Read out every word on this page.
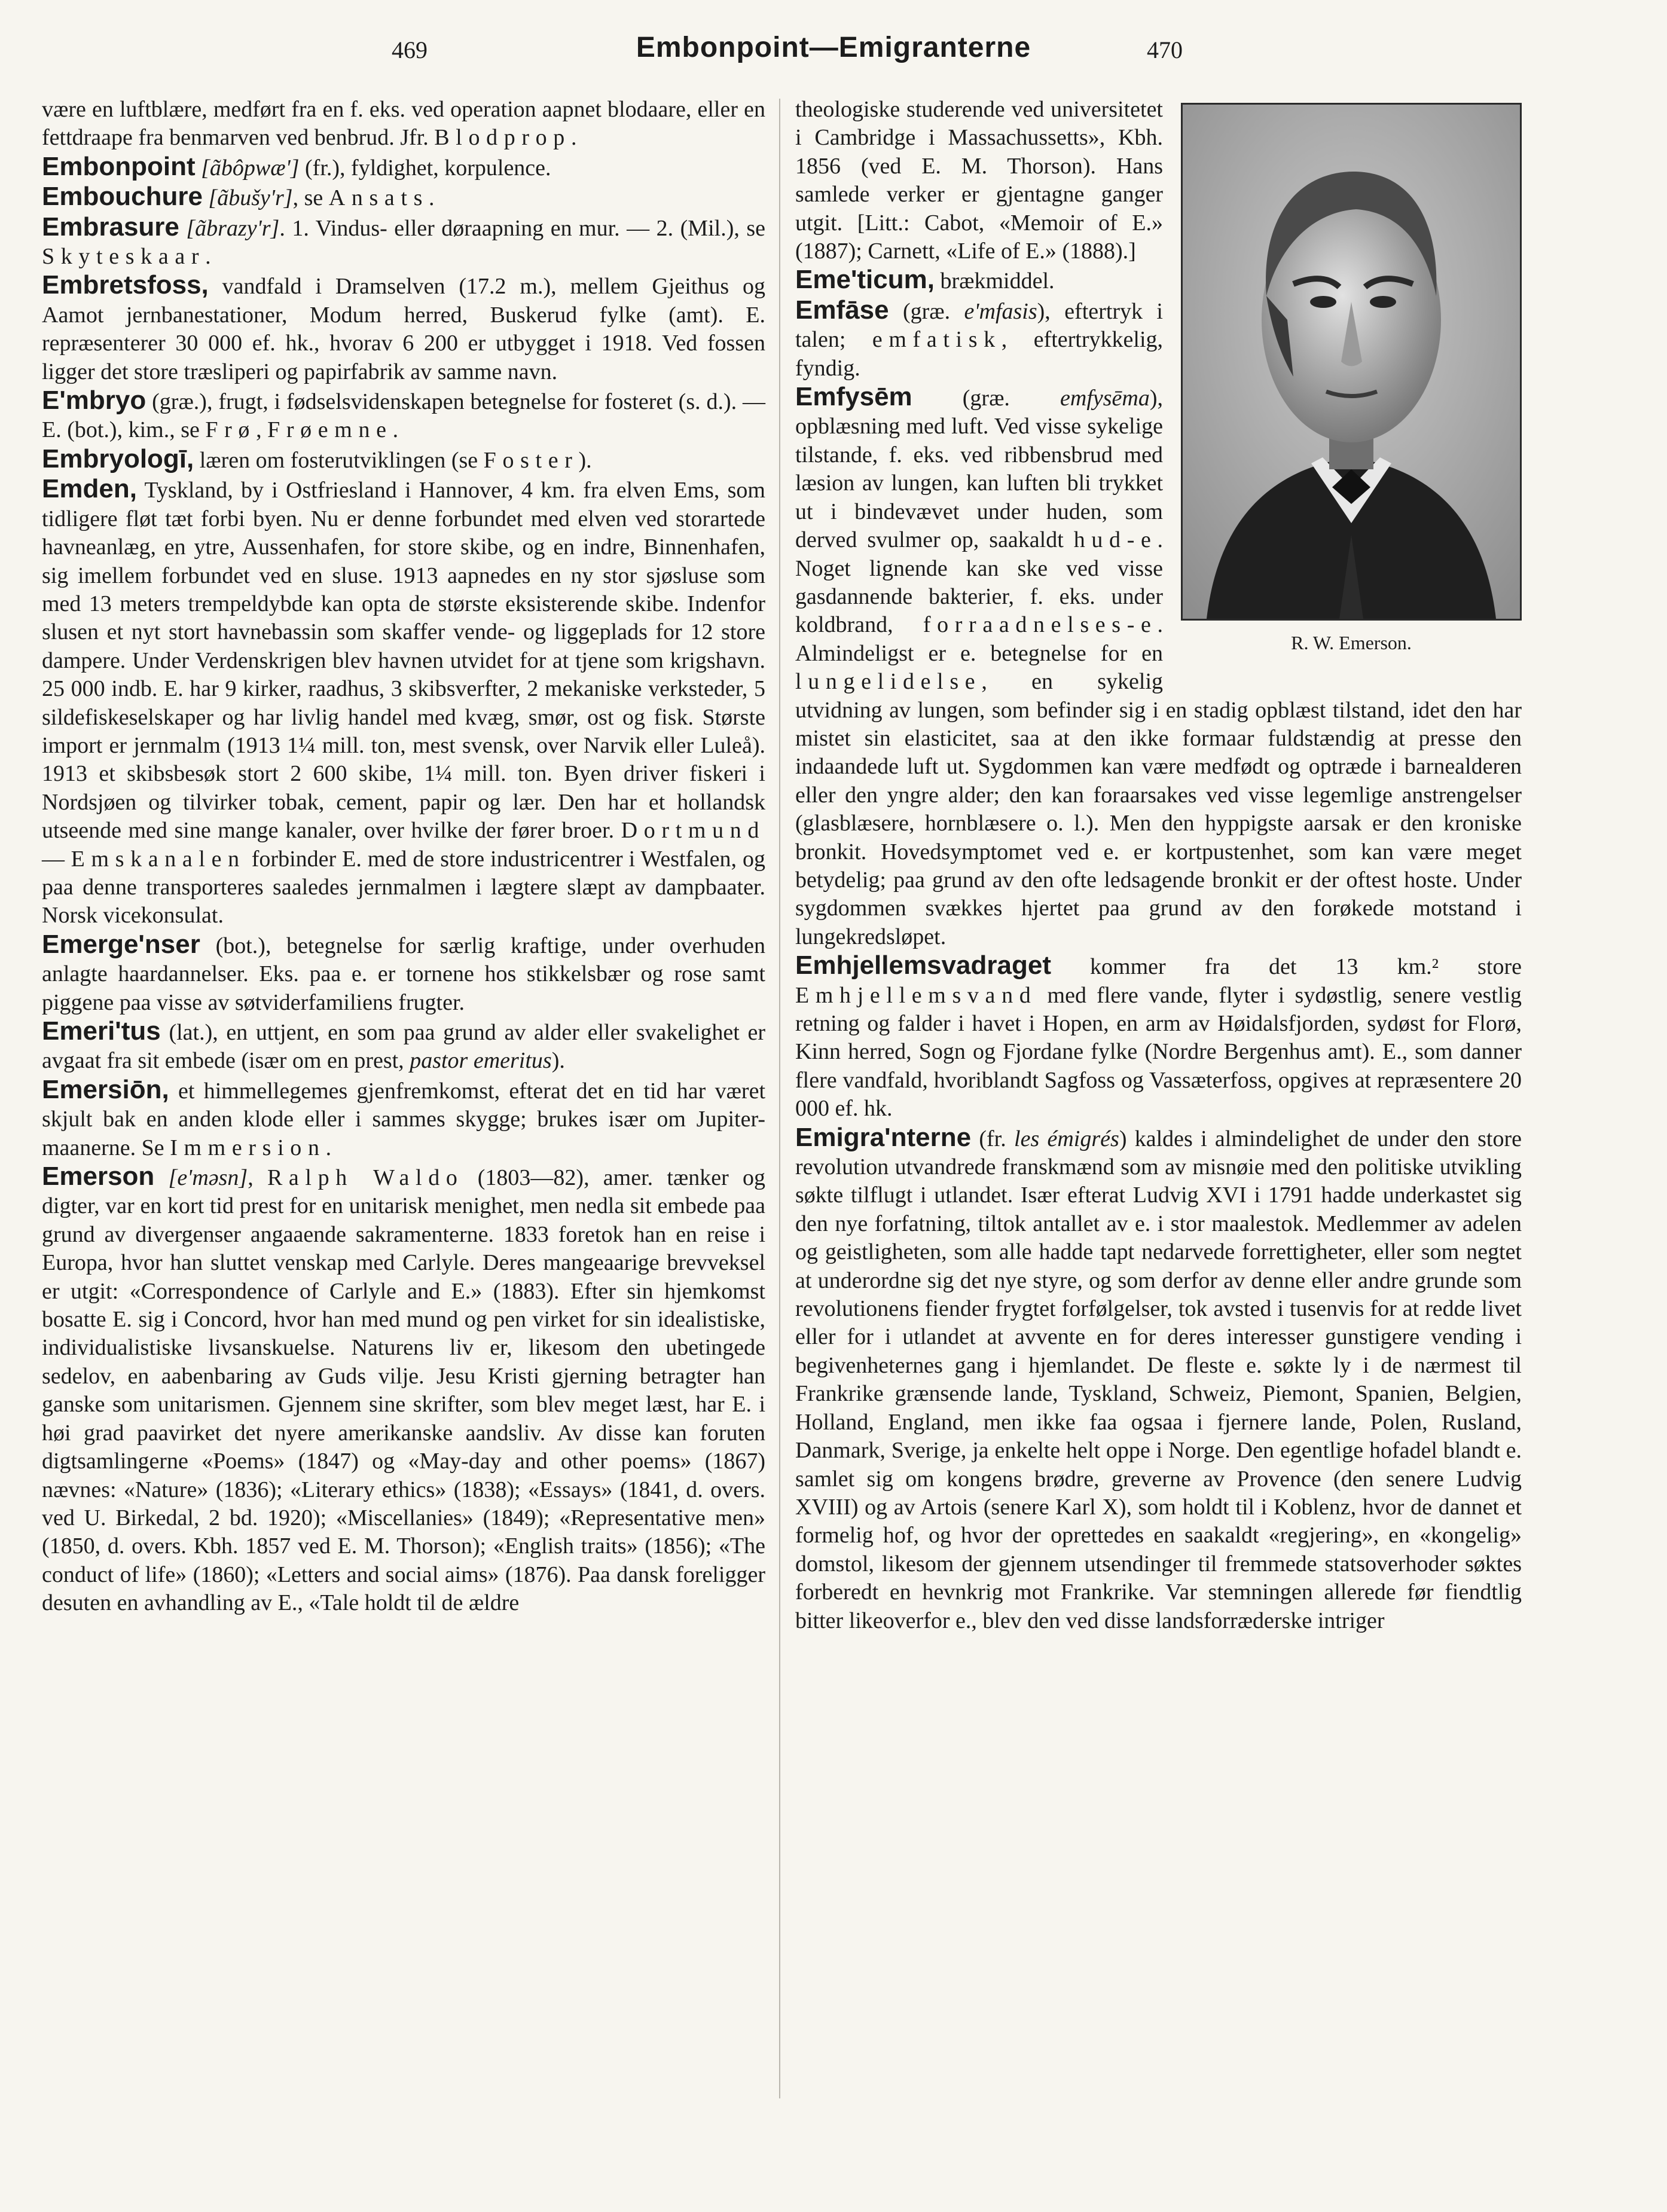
469	Embonpoint—Emigranterne	470

være en luftblære, medført fra en f. eks. ved operation aapnet blodaare, eller en fettdraape fra benmarven ved benbrud. Jfr. Blodprop.

Embonpoint [ãbôpwæ'] (fr.), fyldighet, korpulence.

Embouchure [ãbušy'r], se Ansats.

Embrasure [ãbrazy'r]. 1. Vindus- eller døraapning en mur. — 2. (Mil.), se Skyteskaar.

Embretsfoss, vandfald i Dramselven (17.2 m.), mellem Gjeithus og Aamot jernbanestationer, Modum herred, Buskerud fylke (amt). E. repræsenterer 30 000 ef. hk., hvorav 6 200 er utbygget i 1918. Ved fossen ligger det store træsliperi og papirfabrik av samme navn.

E'mbryo (græ.), frugt, i fødselsvidenskapen betegnelse for fosteret (s. d.). — E. (bot.), kim., se Frø, Frøemne.

Embryologī, læren om fosterutviklingen (se Foster).

Emden, Tyskland, by i Ostfriesland i Hannover, 4 km. fra elven Ems, som tidligere fløt tæt forbi byen. Nu er denne forbundet med elven ved storartede havneanlæg, en ytre, Aussenhafen, for store skibe, og en indre, Binnenhafen, sig imellem forbundet ved en sluse. 1913 aapnedes en ny stor sjøsluse som med 13 meters trempeldybde kan opta de største eksisterende skibe. Indenfor slusen et nyt stort havnebassin som skaffer vende- og liggeplads for 12 store dampere. Under Verdenskrigen blev havnen utvidet for at tjene som krigshavn. 25 000 indb. E. har 9 kirker, raadhus, 3 skibsverfter, 2 mekaniske verksteder, 5 sildefiskeselskaper og har livlig handel med kvæg, smør, ost og fisk. Største import er jernmalm (1913 1¼ mill. ton, mest svensk, over Narvik eller Luleå). 1913 et skibsbesøk stort 2 600 skibe, 1¼ mill. ton. Byen driver fiskeri i Nordsjøen og tilvirker tobak, cement, papir og lær. Den har et hollandsk utseende med sine mange kanaler, over hvilke der fører broer. Dortmund —Emskanalen forbinder E. med de store industricentrer i Westfalen, og paa denne transporteres saaledes jernmalmen i lægtere slæpt av dampbaater. Norsk vicekonsulat.

Emerge'nser (bot.), betegnelse for særlig kraftige, under overhuden anlagte haardannelser. Eks. paa e. er tornene hos stikkelsbær og rose samt piggene paa visse av søtviderfamiliens frugter.

Emeri'tus (lat.), en uttjent, en som paa grund av alder eller svakelighet er avgaat fra sit embede (især om en prest, pastor emeritus).

Emersiōn, et himmellegemes gjenfremkomst, efterat det en tid har været skjult bak en anden klode eller i sammes skygge; brukes især om Jupiter-maanerne. Se Immersion.

Emerson [e'mәsn], Ralph Waldo (1803—82), amer. tænker og digter, var en kort tid prest for en unitarisk menighet, men nedla sit embede paa grund av divergenser angaaende sakramenterne. 1833 foretok han en reise i Europa, hvor han sluttet venskap med Carlyle. Deres mangeaarige brevveksel er utgit: «Correspondence of Carlyle and E.» (1883). Efter sin hjemkomst bosatte E. sig i Concord, hvor han med mund og pen virket for sin idealistiske, individualistiske livsanskuelse. Naturens liv er, likesom den ubetingede sedelov, en aabenbaring av Guds vilje. Jesu Kristi gjerning betragter han ganske som unitarismen. Gjennem sine skrifter, som blev meget læst, har E. i høi grad paavirket det nyere amerikanske aandsliv. Av disse kan foruten digtsamlingerne «Poems» (1847) og «May-day and other poems» (1867) nævnes: «Nature» (1836); «Literary ethics» (1838); «Essays» (1841, d. overs. ved U. Birkedal, 2 bd. 1920); «Miscellanies» (1849); «Representative men» (1850, d. overs. Kbh. 1857 ved E. M. Thorson); «English traits» (1856); «The conduct of life» (1860); «Letters and social aims» (1876). Paa dansk foreligger desuten en avhandling av E., «Tale holdt til de ældre

R. W. Emerson.

theologiske studerende ved universitetet i Cambridge i Massachussetts», Kbh. 1856 (ved E. M. Thorson). Hans samlede verker er gjentagne ganger utgit. [Litt.: Cabot, «Memoir of E.» (1887); Carnett, «Life of E.» (1888).]

Eme'ticum, brækmiddel.

Emfāse (græ. e'mfasis), eftertryk i talen; emfatisk, eftertrykkelig, fyndig.

Emfysēm (græ. emfysēma), opblæsning med luft. Ved visse sykelige tilstande, f. eks. ved ribbensbrud med læsion av lungen, kan luften bli trykket ut i bindevævet under huden, som derved svulmer op, saakaldt hud-e. Noget lignende kan ske ved visse gasdannende bakterier, f. eks. under koldbrand, forraadnelses-e. Almindeligst er e. betegnelse for en lungelidelse, en sykelig utvidning av lungen, som befinder sig i en stadig opblæst tilstand, idet den har mistet sin elasticitet, saa at den ikke formaar fuldstændig at presse den indaandede luft ut. Sygdommen kan være medfødt og optræde i barnealderen eller den yngre alder; den kan foraarsakes ved visse legemlige anstrengelser (glasblæsere, hornblæsere o. l.). Men den hyppigste aarsak er den kroniske bronkit. Hovedsymptomet ved e. er kortpustenhet, som kan være meget betydelig; paa grund av den ofte ledsagende bronkit er der oftest hoste. Under sygdommen svækkes hjertet paa grund av den forøkede motstand i lungekredsløpet.

Emhjellemsvadraget kommer fra det 13 km.² store Emhjellemsvand med flere vande, flyter i sydøstlig, senere vestlig retning og falder i havet i Hopen, en arm av Høidalsfjorden, sydøst for Florø, Kinn herred, Sogn og Fjordane fylke (Nordre Bergenhus amt). E., som danner flere vandfald, hvoriblandt Sagfoss og Vassæterfoss, opgives at repræsentere 20 000 ef. hk.

Emigra'nterne (fr. les émigrés) kaldes i almindelighet de under den store revolution utvandrede franskmænd som av misnøie med den politiske utvikling søkte tilflugt i utlandet. Især efterat Ludvig XVI i 1791 hadde underkastet sig den nye forfatning, tiltok antallet av e. i stor maalestok. Medlemmer av adelen og geistligheten, som alle hadde tapt nedarvede forrettigheter, eller som negtet at underordne sig det nye styre, og som derfor av denne eller andre grunde som revolutionens fiender frygtet forfølgelser, tok avsted i tusenvis for at redde livet eller for i utlandet at avvente en for deres interesser gunstigere vending i begivenheternes gang i hjemlandet. De fleste e. søkte ly i de nærmest til Frankrike grænsende lande, Tyskland, Schweiz, Piemont, Spanien, Belgien, Holland, England, men ikke faa ogsaa i fjernere lande, Polen, Rusland, Danmark, Sverige, ja enkelte helt oppe i Norge. Den egentlige hofadel blandt e. samlet sig om kongens brødre, greverne av Provence (den senere Ludvig XVIII) og av Artois (senere Karl X), som holdt til i Koblenz, hvor de dannet et formelig hof, og hvor der oprettedes en saakaldt «regjering», en «kongelig» domstol, likesom der gjennem utsendinger til fremmede statsoverhoder søktes forberedt en hevnkrig mot Frankrike. Var stemningen allerede før fiendtlig bitter likeoverfor e., blev den ved disse landsforræderske intriger
